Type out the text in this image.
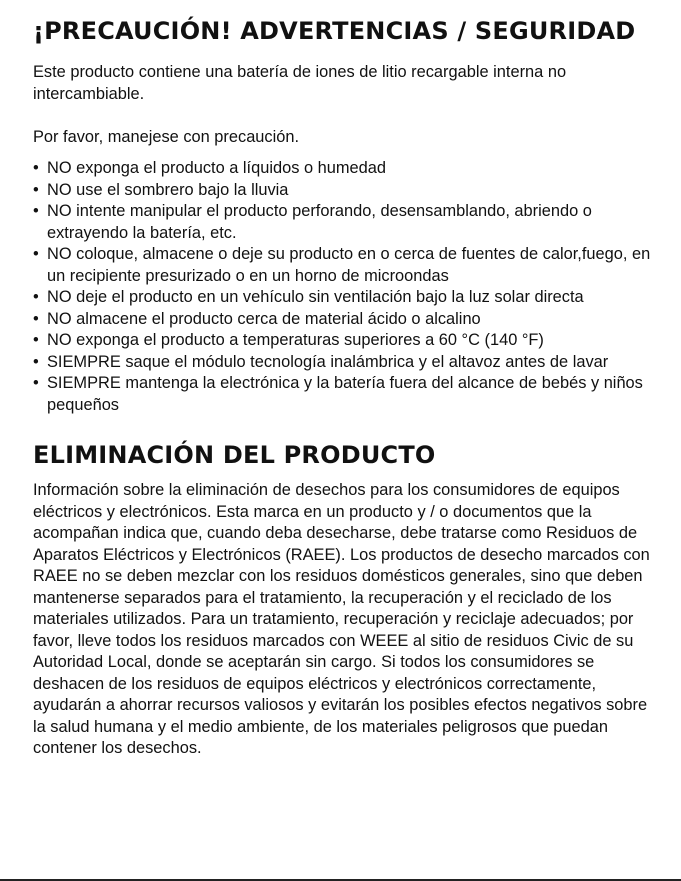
¡PRECAUCIÓN! ADVERTENCIAS / SEGURIDAD

Este producto contiene una batería de iones de litio recargable interna no intercambiable.

Por favor, manejese con precaución.

• NO exponga el producto a líquidos o humedad
• NO use el sombrero bajo la lluvia
• NO intente manipular el producto perforando, desensamblando, abriendo o extrayendo la batería, etc.
• NO coloque, almacene o deje su producto en o cerca de fuentes de calor,fuego, en un recipiente presurizado o en un horno de microondas
• NO deje el producto en un vehículo sin ventilación bajo la luz solar directa
• NO almacene el producto cerca de material ácido o alcalino
• NO exponga el producto a temperaturas superiores a 60 °C (140 °F)
• SIEMPRE saque el módulo tecnología inalámbrica y el altavoz antes de lavar
• SIEMPRE mantenga la electrónica y la batería fuera del alcance de bebés y niños pequeños
ELIMINACIÓN DEL PRODUCTO

Información sobre la eliminación de desechos para los consumidores de equipos eléctricos y electrónicos. Esta marca en un producto y / o documentos que la acompañan indica que, cuando deba desecharse, debe tratarse como Residuos de Aparatos Eléctricos y Electrónicos (RAEE). Los productos de desecho marcados con RAEE no se deben mezclar con los residuos domésticos generales, sino que deben mantenerse separados para el tratamiento, la recuperación y el reciclado de los materiales utilizados. Para un tratamiento, recuperación y reciclaje adecuados; por favor, lleve todos los residuos marcados con WEEE al sitio de residuos Civic de su Autoridad Local, donde se aceptarán sin cargo. Si todos los consumidores se deshacen de los residuos de equipos eléctricos y electrónicos correctamente, ayudarán a ahorrar recursos valiosos y evitarán los posibles efectos negativos sobre la salud humana y el medio ambiente, de los materiales peligrosos que puedan contener los desechos.
